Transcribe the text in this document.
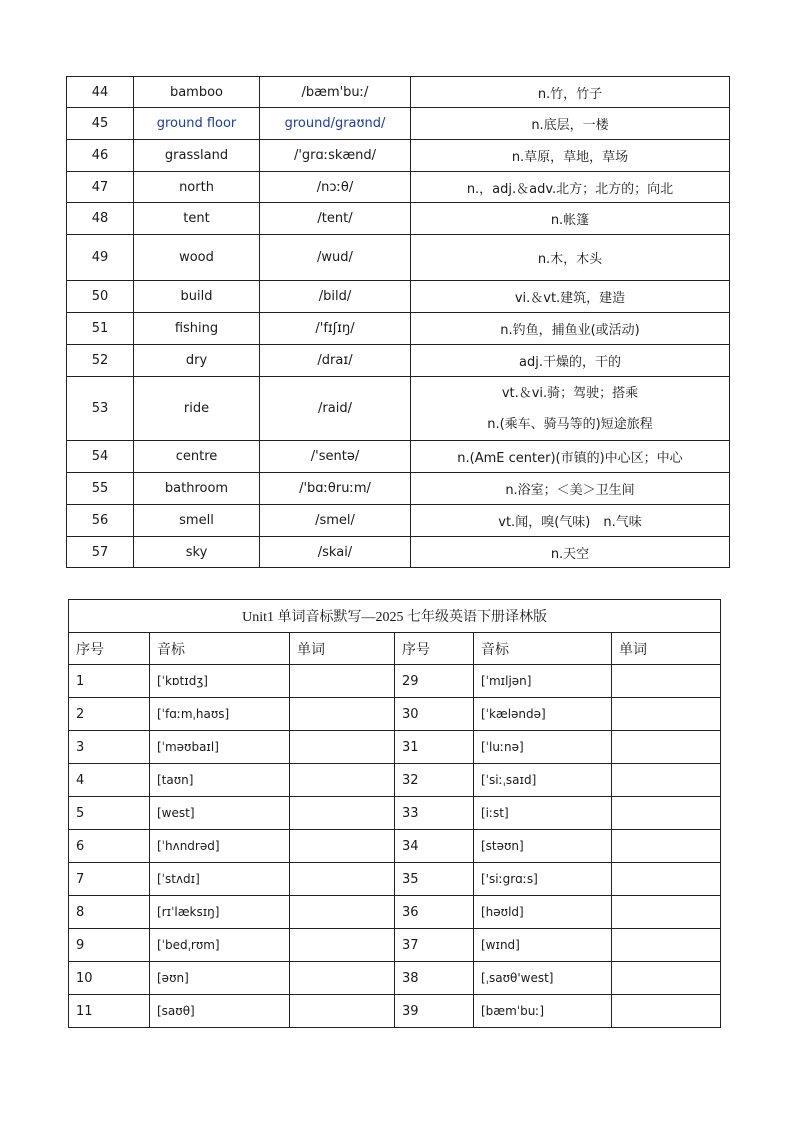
44	bamboo	/bæm'buː/	n.竹，竹子

45	ground floor	ground/graʊnd/	n.底层，一楼

46	grassland	/'grɑːskænd/	n.草原，草地，草场

47	north	/nɔːθ/	n.，adj.＆adv.北方；北方的；向北

48	tent	/tent/	n.帐篷

49	wood	/wud/	n.木，木头

50	build	/bild/	vi.＆vt.建筑，建造

51	fishing	/'fɪʃɪŋ/	n.钓鱼，捕鱼业(或活动)

52	dry	/draɪ/	adj.干燥的，干的

53	ride	/raid/	vt.＆vi.骑；驾驶；搭乘
n.(乘车、骑马等的)短途旅程

54	centre	/'sentə/	n.(AmE center)(市镇的)中心区；中心

55	bathroom	/'bɑːθruːm/	n.浴室；＜美＞卫生间

56	smell	/smel/	vt.闻，嗅(气味)　n.气味

57	sky	/skai/	n.天空
Unit1 单词音标默写—2025 七年级英语下册译林版					
序号	音标	单词	序号	音标	单词
1	[ˈkɒtɪdʒ]		29	[ˈmɪljən]	
2	[ˈfɑːmˌhaʊs]		30	[ˈkæləndə]	
3	[ˈməʊbaɪl]		31	[ˈluːnə]	
4	[taʊn]		32	[ˈsiːˌsaɪd]	
5	[west]		33	[iːst]	
6	[ˈhʌndrəd]		34	[stəʊn]	
7	[ˈstʌdɪ]		35	['siːgrɑːs]	
8	[rɪˈlæksɪŋ]		36	[həʊld]	
9	[ˈbedˌrʊm]		37	[wɪnd]	
10	[əʊn]		38	[ˌsaʊθ'west]	
11	[saʊθ]		39	[bæmˈbuː]	
